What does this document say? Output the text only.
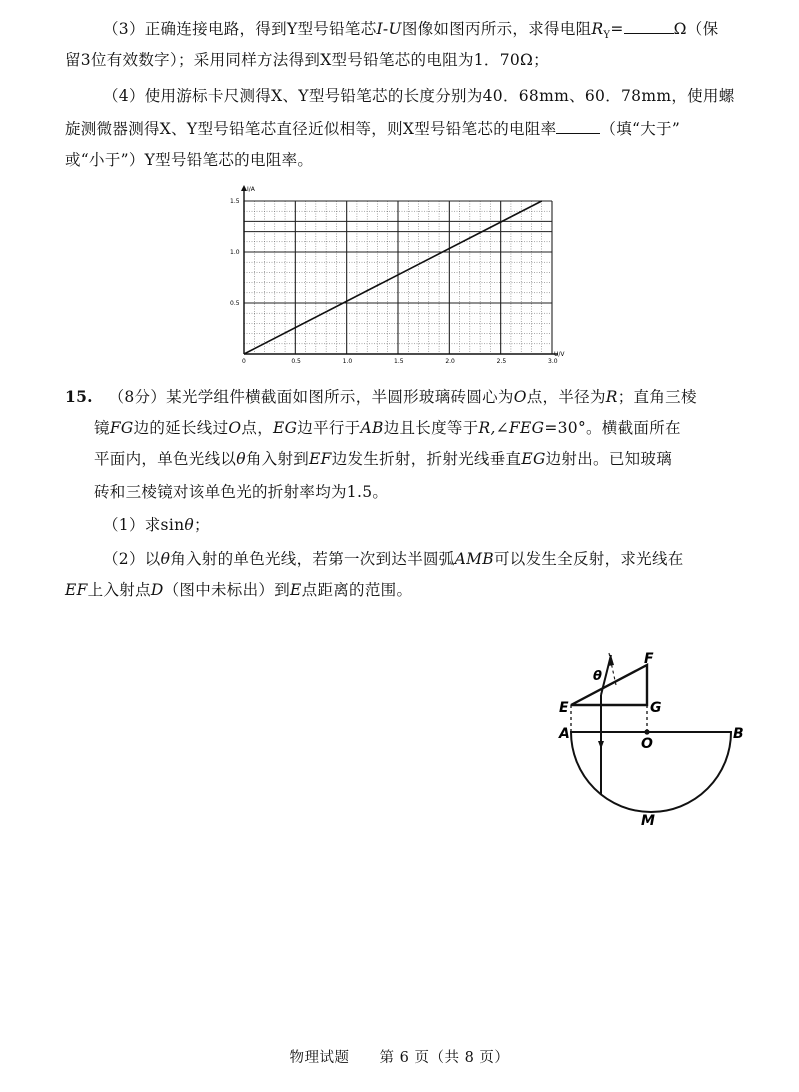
（3）正确连接电路，得到Y型号铅笔芯I-U图像如图丙所示，求得电阻$R_Y=$	Ω（保
留3位有效数字）；采用同样方法得到X型号铅笔芯的电阻为1．70Ω；
（4）使用游标卡尺测得X、Y型号铅笔芯的长度分别为40．68mm、60．78mm，使用螺
旋测微器测得X、Y型号铅笔芯直径近似相等，则X型号铅笔芯的电阻率	（填“大于”
或“小于”）Y型号铅笔芯的电阻率。
I/A
U/V
0	0.5	1.0	1.5	2.0	2.5	3.0
0.5
1.0
1.5
15. （8分）某光学组件横截面如图所示，半圆形玻璃砖圆心为O点，半径为R；直角三棱
镜FG边的延长线过O点，EG边平行于AB边且长度等于R,∠FEG=30°。横截面所在
平面内，单色光线以θ角入射到EF边发生折射，折射光线垂直EG边射出。已知玻璃
砖和三棱镜对该单色光的折射率均为1.5。
（1）求sinθ；
（2）以θ角入射的单色光线，若第一次到达半圆弧AMB可以发生全反射，求光线在
EF上入射点D（图中未标出）到E点距离的范围。
F
θ
E	G
A
O
B
M
物理试题　　第 6 页（共 8 页）
